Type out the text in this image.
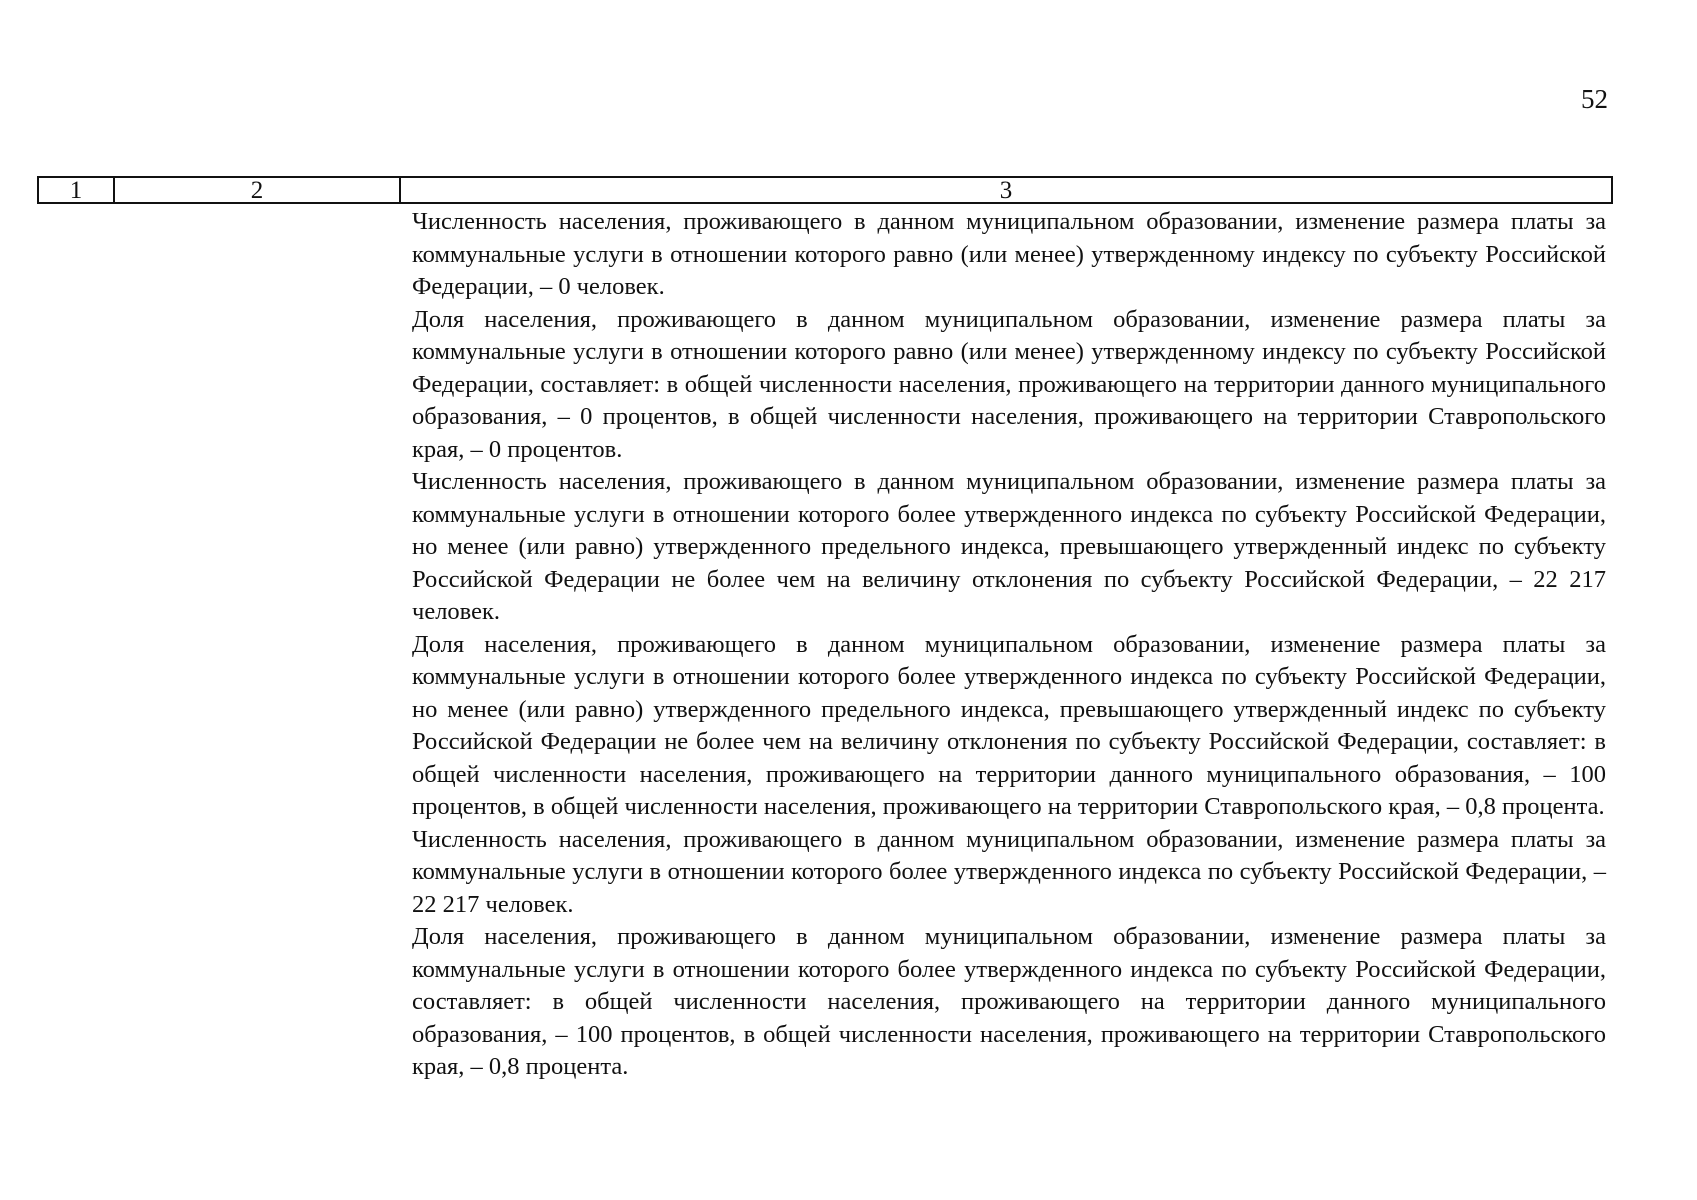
52
1	2	3

Численность населения, проживающего в данном муниципальном образовании, изменение размера платы за коммунальные услуги в отношении которого равно (или менее) утвержденному индексу по субъекту Российской Федерации, – 0 человек.

Доля населения, проживающего в данном муниципальном образовании, изменение размера платы за коммунальные услуги в отношении которого равно (или менее) утвержденному индексу по субъекту Российской Федерации, составляет: в общей численности населения, проживающего на территории данного муниципального образования, – 0 процентов, в общей численности населения, проживающего на территории Ставропольского края, – 0 процентов.

Численность населения, проживающего в данном муниципальном образовании, изменение размера платы за коммунальные услуги в отношении которого более утвержденного индекса по субъекту Российской Федерации, но менее (или равно) утвержденного предельного индекса, превышающего утвержденный индекс по субъекту Российской Федерации не более чем на величину отклонения по субъекту Российской Федерации, – 22 217 человек.

Доля населения, проживающего в данном муниципальном образовании, изменение размера платы за коммунальные услуги в отношении которого более утвержденного индекса по субъекту Российской Федерации, но менее (или равно) утвержденного предельного индекса, превышающего утвержденный индекс по субъекту Российской Федерации не более чем на величину отклонения по субъекту Российской Федерации, составляет: в общей численности населения, проживающего на территории данного муниципального образования, – 100 процентов, в общей численности населения, проживающего на территории Ставропольского края, – 0,8 процента.

Численность населения, проживающего в данном муниципальном образовании, изменение размера платы за коммунальные услуги в отношении которого более утвержденного индекса по субъекту Российской Федерации, – 22 217 человек.

Доля населения, проживающего в данном муниципальном образовании, изменение размера платы за коммунальные услуги в отношении которого более утвержденного индекса по субъекту Российской Федерации, составляет: в общей численности населения, проживающего на территории данного муниципального образования, – 100 процентов, в общей численности населения, проживающего на территории Ставропольского края, – 0,8 процента.
